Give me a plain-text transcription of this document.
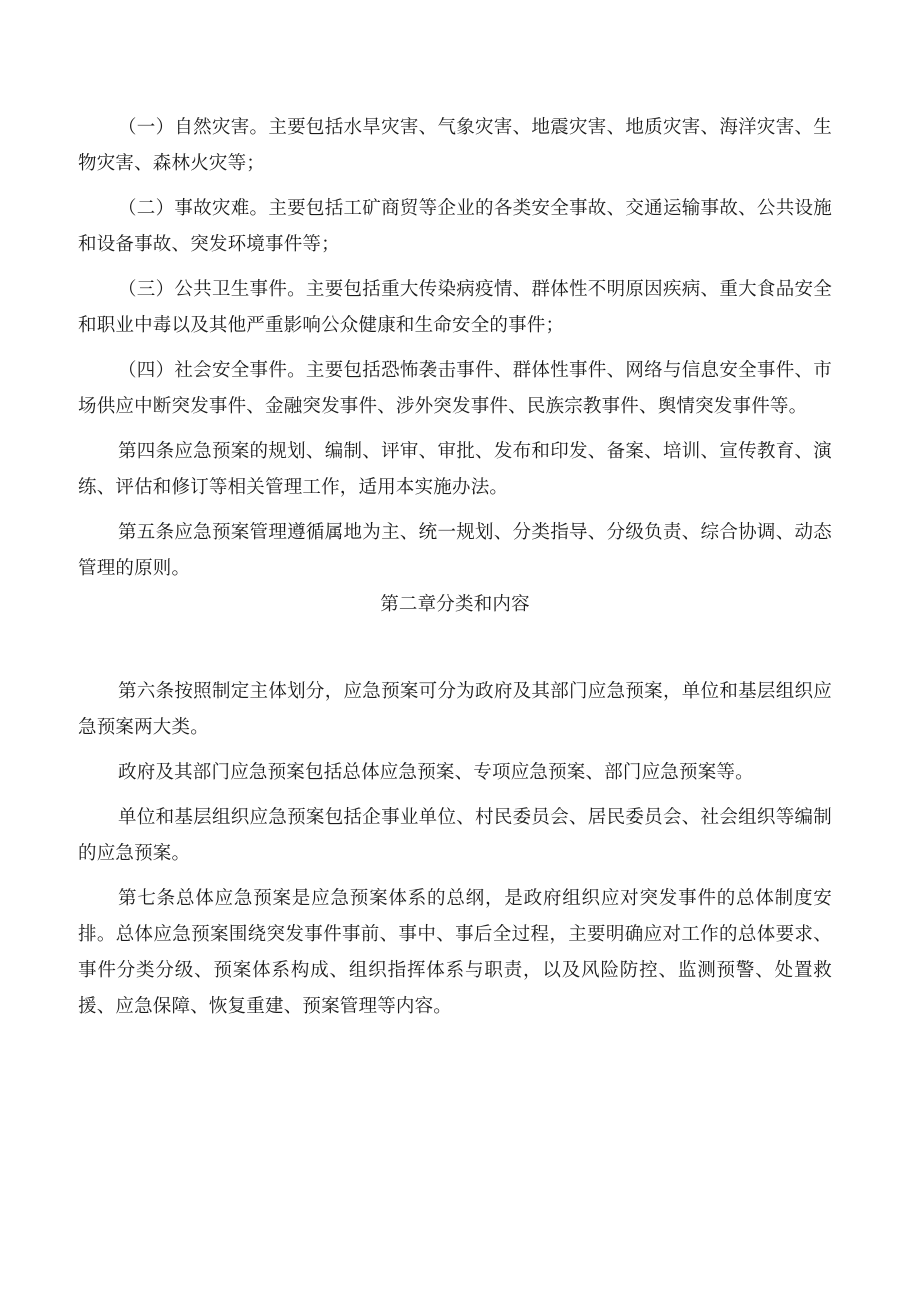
（一）自然灾害。主要包括水旱灾害、气象灾害、地震灾害、地质灾害、海洋灾害、生物灾害、森林火灾等；

（二）事故灾难。主要包括工矿商贸等企业的各类安全事故、交通运输事故、公共设施和设备事故、突发环境事件等；

（三）公共卫生事件。主要包括重大传染病疫情、群体性不明原因疾病、重大食品安全和职业中毒以及其他严重影响公众健康和生命安全的事件；

（四）社会安全事件。主要包括恐怖袭击事件、群体性事件、网络与信息安全事件、市场供应中断突发事件、金融突发事件、涉外突发事件、民族宗教事件、舆情突发事件等。

第四条应急预案的规划、编制、评审、审批、发布和印发、备案、培训、宣传教育、演练、评估和修订等相关管理工作，适用本实施办法。

第五条应急预案管理遵循属地为主、统一规划、分类指导、分级负责、综合协调、动态管理的原则。

第二章分类和内容

第六条按照制定主体划分，应急预案可分为政府及其部门应急预案，单位和基层组织应急预案两大类。

政府及其部门应急预案包括总体应急预案、专项应急预案、部门应急预案等。

单位和基层组织应急预案包括企事业单位、村民委员会、居民委员会、社会组织等编制的应急预案。

第七条总体应急预案是应急预案体系的总纲，是政府组织应对突发事件的总体制度安排。总体应急预案围绕突发事件事前、事中、事后全过程，主要明确应对工作的总体要求、事件分类分级、预案体系构成、组织指挥体系与职责，以及风险防控、监测预警、处置救援、应急保障、恢复重建、预案管理等内容。
